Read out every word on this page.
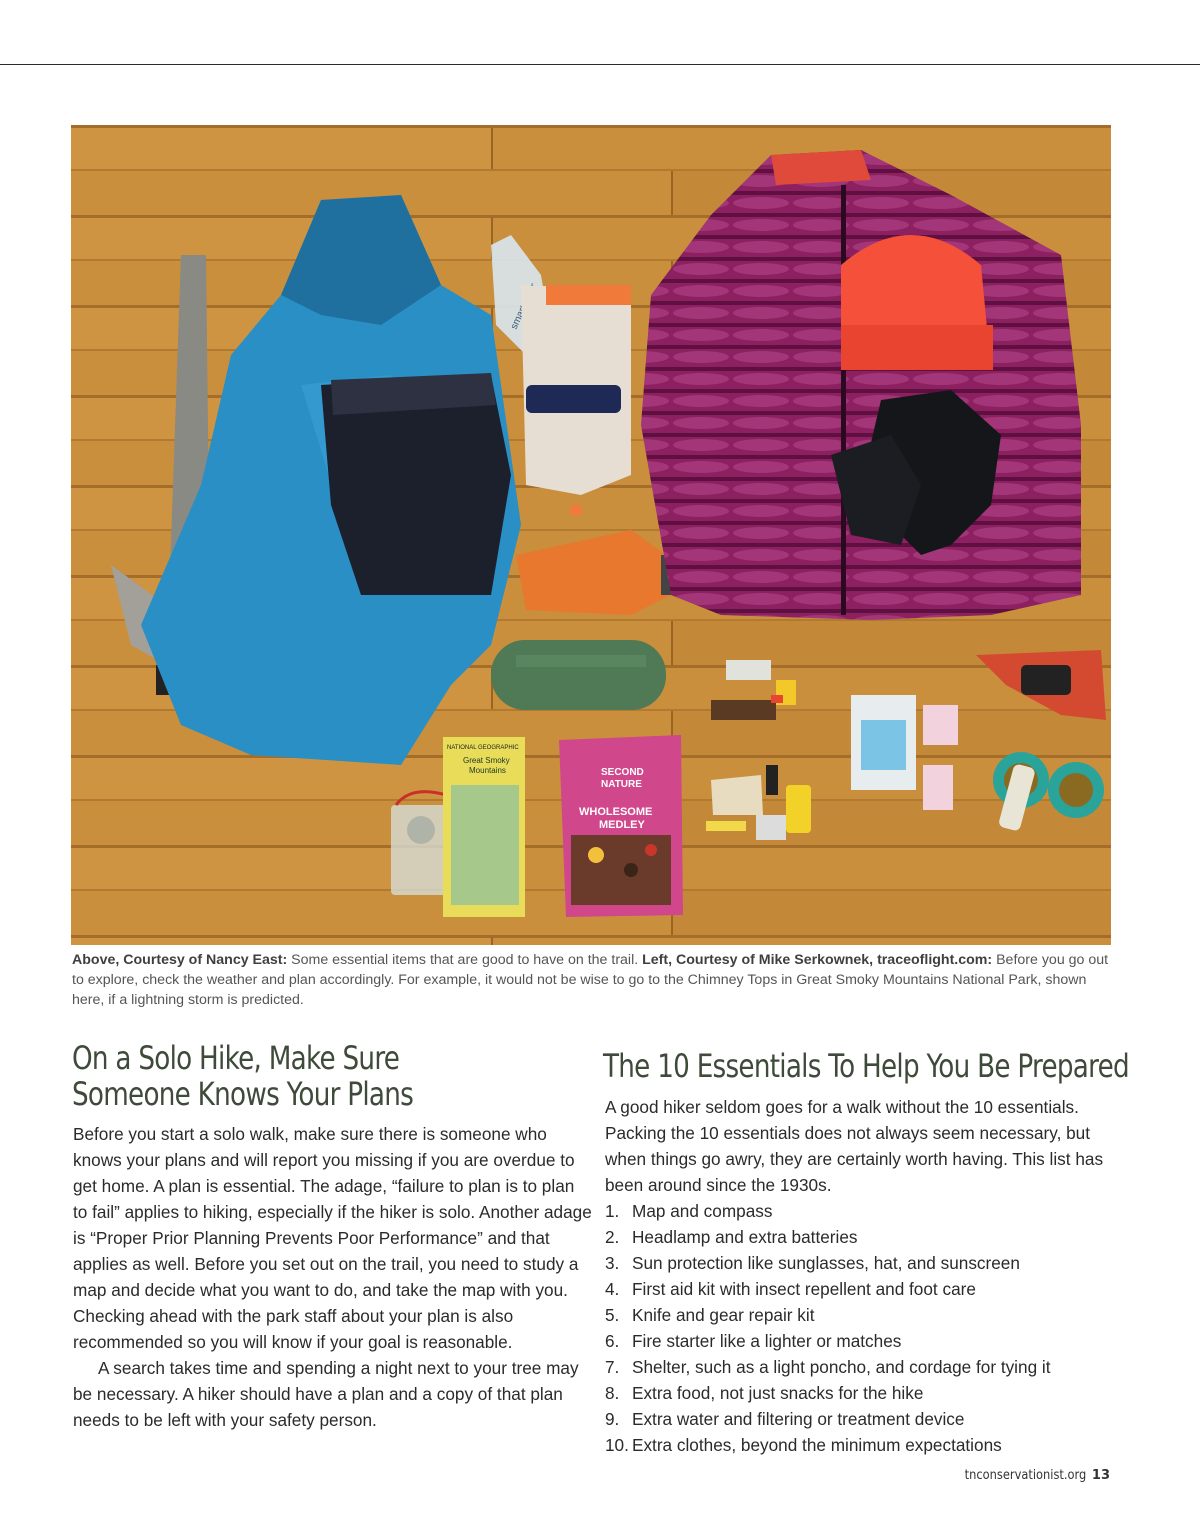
NATIONAL GEOGRAPHIC
Great Smoky
Mountains	SECOND
NATURE
WHOLESOME
MEDLEY
Above, Courtesy of Nancy East: Some essential items that are good to have on the trail. Left, Courtesy of Mike Serkownek, traceoflight.com: Before you go out to explore, check the weather and plan accordingly. For example, it would not be wise to go to the Chimney Tops in Great Smoky Mountains National Park, shown here, if a lightning storm is predicted.
On a Solo Hike, Make Sure
Someone Knows Your Plans

Before you start a solo walk, make sure there is someone who knows your plans and will report you missing if you are overdue to get home. A plan is essential. The adage, “failure to plan is to plan to fail” applies to hiking, especially if the hiker is solo. Another adage is “Proper Prior Planning Prevents Poor Performance” and that applies as well. Before you set out on the trail, you need to study a map and decide what you want to do, and take the map with you. Checking ahead with the park staff about your plan is also recommended so you will know if your goal is reasonable.

A search takes time and spending a night next to your tree may be necessary. A hiker should have a plan and a copy of that plan needs to be left with your safety person.

The 10 Essentials To Help You Be Prepared

A good hiker seldom goes for a walk without the 10 essentials. Packing the 10 essentials does not always seem necessary, but when things go awry, they are certainly worth having. This list has been around since the 1930s.

1. Map and compass
2. Headlamp and extra batteries
3. Sun protection like sunglasses, hat, and sunscreen
4. First aid kit with insect repellent and foot care
5. Knife and gear repair kit
6. Fire starter like a lighter or matches
7. Shelter, such as a light poncho, and cordage for tying it
8. Extra food, not just snacks for the hike
9. Extra water and filtering or treatment device
10. Extra clothes, beyond the minimum expectations
tnconservationist.org 13
